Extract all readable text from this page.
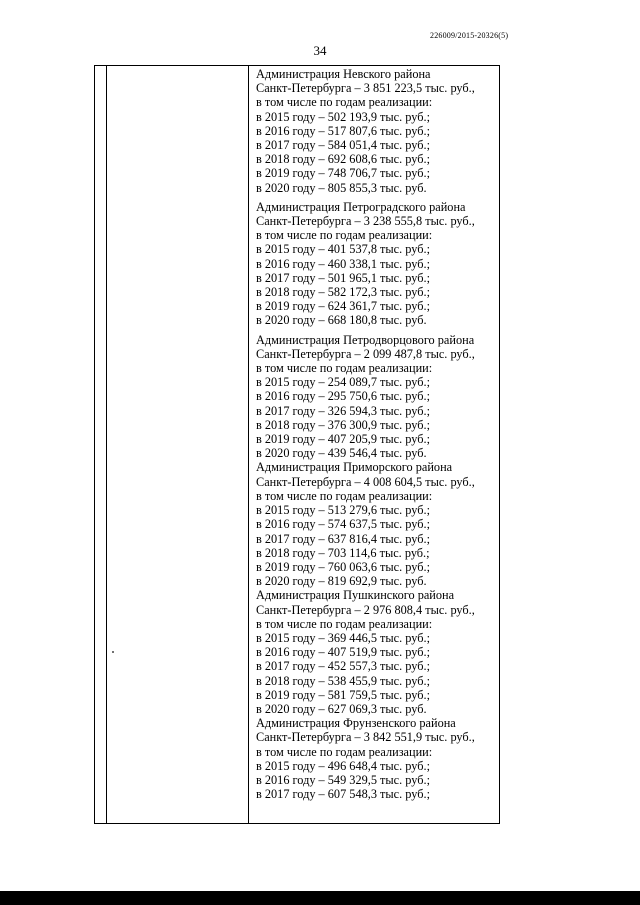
226009/2015-20326(5)
34
Администрация Невского района
Санкт-Петербурга – 3 851 223,5 тыс. руб.,
в том числе по годам реализации:
в 2015 году – 502 193,9 тыс. руб.;
в 2016 году – 517 807,6 тыс. руб.;
в 2017 году – 584 051,4 тыс. руб.;
в 2018 году – 692 608,6 тыс. руб.;
в 2019 году – 748 706,7 тыс. руб.;
в 2020 году – 805 855,3 тыс. руб.
Администрация Петроградского района
Санкт-Петербурга – 3 238 555,8 тыс. руб.,
в том числе по годам реализации:
в 2015 году – 401 537,8 тыс. руб.;
в 2016 году – 460 338,1 тыс. руб.;
в 2017 году – 501 965,1 тыс. руб.;
в 2018 году – 582 172,3 тыс. руб.;
в 2019 году – 624 361,7 тыс. руб.;
в 2020 году – 668 180,8 тыс. руб.
Администрация Петродворцового района
Санкт-Петербурга – 2 099 487,8 тыс. руб.,
в том числе по годам реализации:
в 2015 году – 254 089,7 тыс. руб.;
в 2016 году – 295 750,6 тыс. руб.;
в 2017 году – 326 594,3 тыс. руб.;
в 2018 году – 376 300,9 тыс. руб.;
в 2019 году – 407 205,9 тыс. руб.;
в 2020 году – 439 546,4 тыс. руб.
Администрация Приморского района
Санкт-Петербурга – 4 008 604,5 тыс. руб.,
в том числе по годам реализации:
в 2015 году – 513 279,6 тыс. руб.;
в 2016 году – 574 637,5 тыс. руб.;
в 2017 году – 637 816,4 тыс. руб.;
в 2018 году – 703 114,6 тыс. руб.;
в 2019 году – 760 063,6 тыс. руб.;
в 2020 году – 819 692,9 тыс. руб.
Администрация Пушкинского района
Санкт-Петербурга – 2 976 808,4 тыс. руб.,
в том числе по годам реализации:
в 2015 году – 369 446,5 тыс. руб.;
в 2016 году – 407 519,9 тыс. руб.;
в 2017 году – 452 557,3 тыс. руб.;
в 2018 году – 538 455,9 тыс. руб.;
в 2019 году – 581 759,5 тыс. руб.;
в 2020 году – 627 069,3 тыс. руб.
Администрация Фрунзенского района
Санкт-Петербурга – 3 842 551,9 тыс. руб.,
в том числе по годам реализации:
в 2015 году – 496 648,4 тыс. руб.;
в 2016 году – 549 329,5 тыс. руб.;
в 2017 году – 607 548,3 тыс. руб.;
